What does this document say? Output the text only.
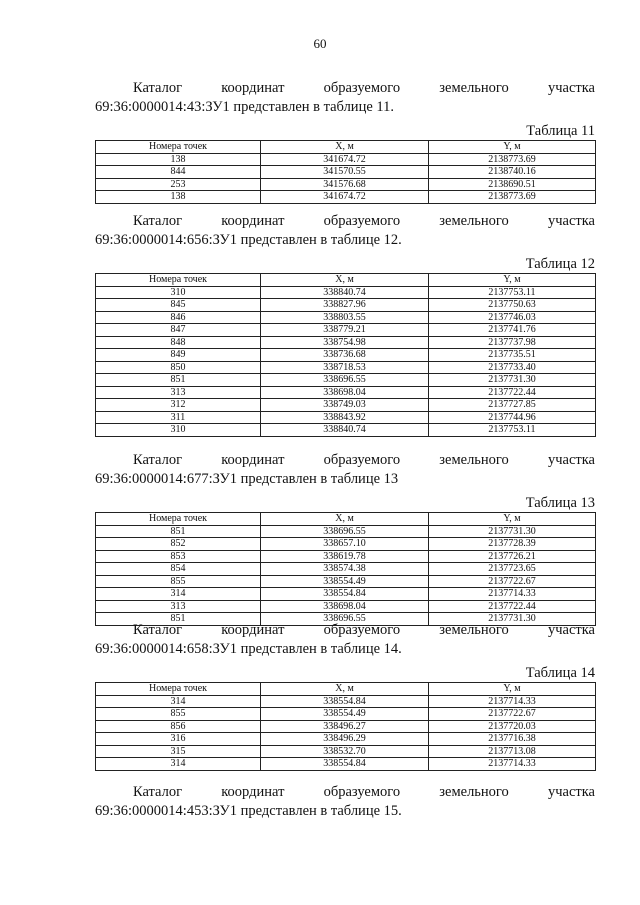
60
Каталог	координат	образуемого	земельного	участка
69:36:0000014:43:ЗУ1 представлен в таблице 11.
Таблица 11
Номера точек	X, м	Y, м
138	341674.72	2138773.69
844	341570.55	2138740.16
253	341576.68	2138690.51
138	341674.72	2138773.69
Каталог	координат	образуемого	земельного	участка
69:36:0000014:656:ЗУ1 представлен в таблице 12.
Таблица 12
Номера точек	X, м	Y, м
310	338840.74	2137753.11
845	338827.96	2137750.63
846	338803.55	2137746.03
847	338779.21	2137741.76
848	338754.98	2137737.98
849	338736.68	2137735.51
850	338718.53	2137733.40
851	338696.55	2137731.30
313	338698.04	2137722.44
312	338749.03	2137727.85
311	338843.92	2137744.96
310	338840.74	2137753.11
Каталог	координат	образуемого	земельного	участка
69:36:0000014:677:ЗУ1 представлен в таблице 13
Таблица 13
Номера точек	X, м	Y, м
851	338696.55	2137731.30
852	338657.10	2137728.39
853	338619.78	2137726.21
854	338574.38	2137723.65
855	338554.49	2137722.67
314	338554.84	2137714.33
313	338698.04	2137722.44
851	338696.55	2137731.30
Каталог	координат	образуемого	земельного	участка
69:36:0000014:658:ЗУ1 представлен в таблице 14.
Таблица 14
Номера точек	X, м	Y, м
314	338554.84	2137714.33
855	338554.49	2137722.67
856	338496.27	2137720.03
316	338496.29	2137716.38
315	338532.70	2137713.08
314	338554.84	2137714.33
Каталог	координат	образуемого	земельного	участка
69:36:0000014:453:ЗУ1 представлен в таблице 15.
